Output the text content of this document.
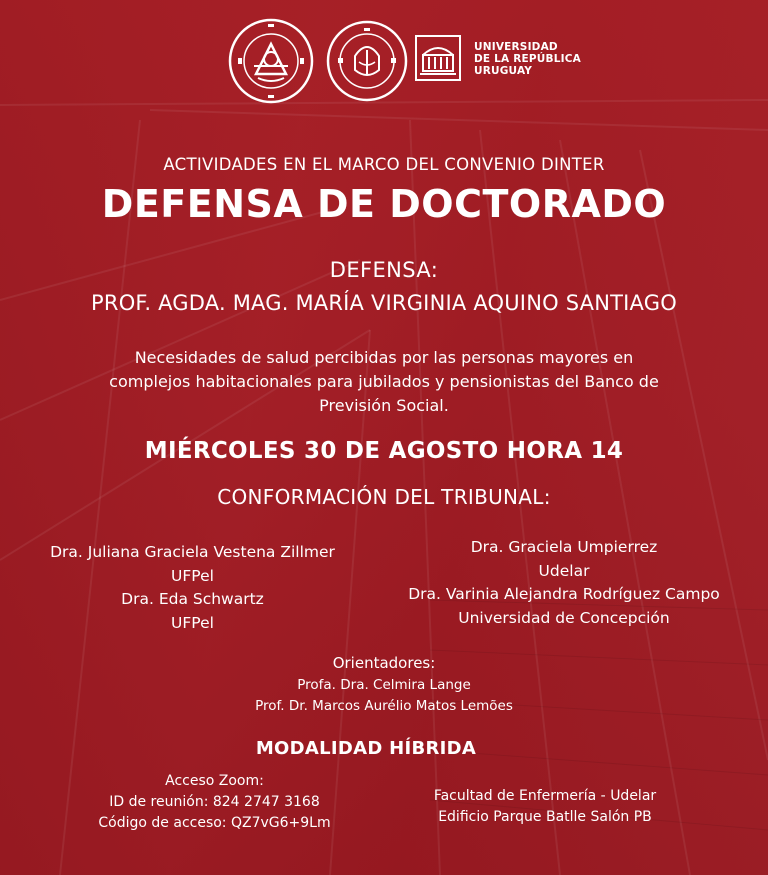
UNIVERSIDAD
DE LA REPÚBLICA
URUGUAY
ACTIVIDADES EN EL MARCO DEL CONVENIO DINTER
DEFENSA DE DOCTORADO
DEFENSA:
PROF. AGDA. MAG. MARÍA VIRGINIA AQUINO SANTIAGO
Necesidades de salud percibidas por las personas mayores en
complejos habitacionales para jubilados y pensionistas del Banco de
Previsión Social.
MIÉRCOLES 30 DE AGOSTO HORA 14
CONFORMACIÓN DEL TRIBUNAL:
Dra. Juliana Graciela Vestena Zillmer
UFPel
Dra. Eda Schwartz
UFPel
Dra. Graciela Umpierrez
Udelar
Dra. Varinia Alejandra Rodríguez Campo
Universidad de Concepción
Orientadores:
Profa. Dra. Celmira Lange
Prof. Dr. Marcos Aurélio Matos Lemões
MODALIDAD HÍBRIDA
Acceso Zoom:
ID de reunión: 824 2747 3168
Código de acceso: QZ7vG6+9Lm
Facultad de Enfermería - Udelar
Edificio Parque Batlle Salón PB
